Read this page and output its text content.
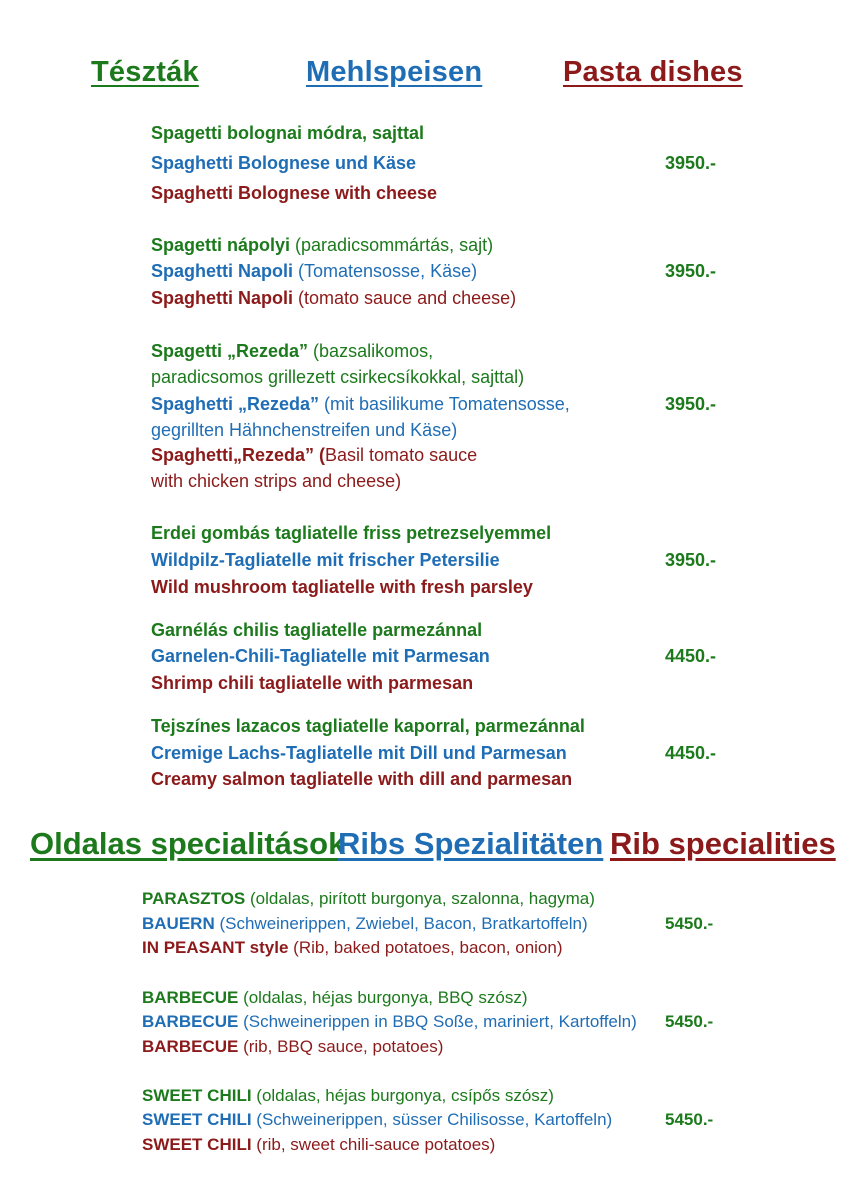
Tészták	Mehlspeisen	Pasta dishes
Spagetti bolognai módra, sajttal
Spaghetti Bolognese und Käse
Spaghetti Bolognese with cheese
3950.-
Spagetti nápolyi (paradicsommártás, sajt)
Spaghetti Napoli (Tomatensosse, Käse)
Spaghetti Napoli (tomato sauce and cheese)
3950.-
Spagetti „Rezeda” (bazsalikomos,
paradicsomos grillezett csirkecsíkokkal, sajttal)
Spaghetti „Rezeda” (mit basilikume Tomatensosse,
gegrillten Hähnchenstreifen und Käse)
Spaghetti„Rezeda” (Basil tomato sauce
with chicken strips and cheese)
3950.-
Erdei gombás tagliatelle friss petrezselyemmel
Wildpilz-Tagliatelle mit frischer Petersilie
Wild mushroom tagliatelle with fresh parsley
3950.-
Garnélás chilis tagliatelle parmezánnal
Garnelen-Chili-Tagliatelle mit Parmesan
Shrimp chili tagliatelle with parmesan
4450.-
Tejszínes lazacos tagliatelle kaporral, parmezánnal
Cremige Lachs-Tagliatelle mit Dill und Parmesan
Creamy salmon tagliatelle with dill and parmesan
4450.-
Oldalas specialitások
Ribs Spezialitäten Rib specialities
PARASZTOS (oldalas, pirított burgonya, szalonna, hagyma)
BAUERN (Schweinerippen, Zwiebel, Bacon, Bratkartoffeln)
IN PEASANT style (Rib, baked potatoes, bacon, onion)
5450.-
BARBECUE (oldalas, héjas burgonya, BBQ szósz)
BARBECUE (Schweinerippen in BBQ Soße, mariniert, Kartoffeln)
BARBECUE (rib, BBQ sauce, potatoes)
5450.-
SWEET CHILI (oldalas, héjas burgonya, csípős szósz)
SWEET CHILI (Schweinerippen, süsser Chilisosse, Kartoffeln)
SWEET CHILI (rib, sweet chili-sauce potatoes)
5450.-
